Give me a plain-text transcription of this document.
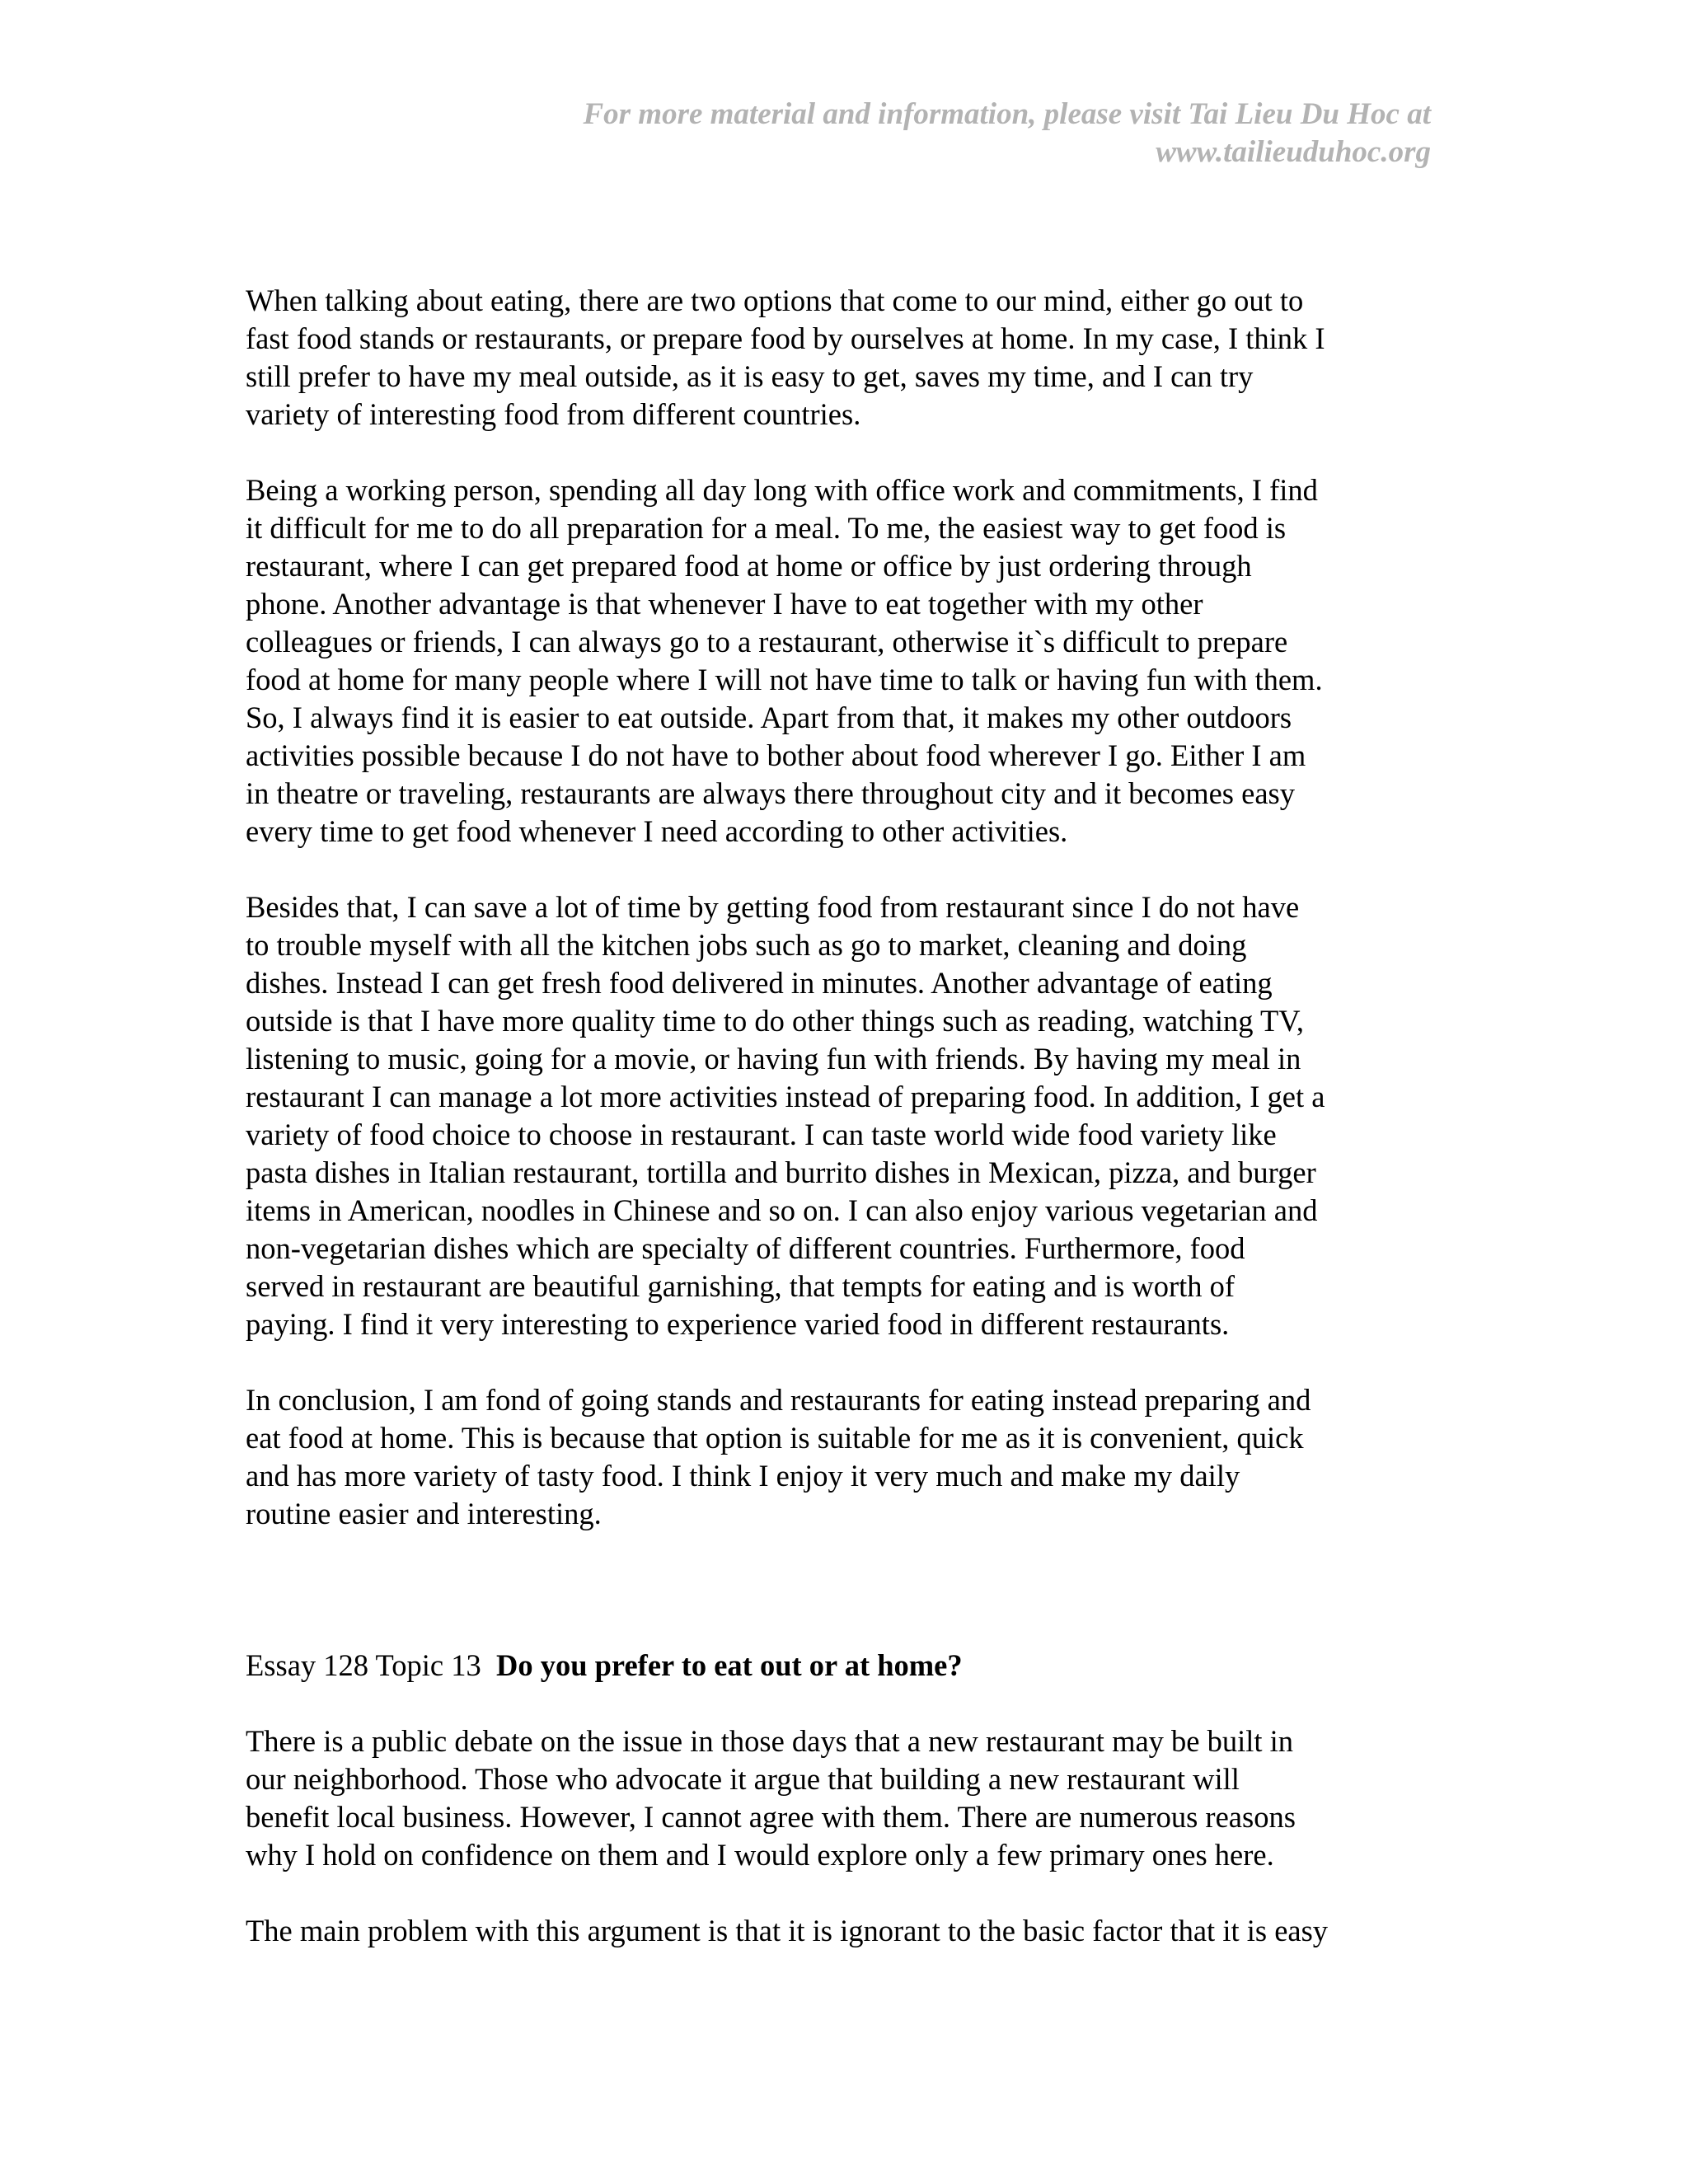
For more material and information, please visit Tai Lieu Du Hoc at
www.tailieuduhoc.org
When talking about eating, there are two options that come to our mind, either go out to
fast food stands or restaurants, or prepare food by ourselves at home. In my case, I think I
still prefer to have my meal outside, as it is easy to get, saves my time, and I can try
variety of interesting food from different countries.
Being a working person, spending all day long with office work and commitments, I find
it difficult for me to do all preparation for a meal. To me, the easiest way to get food is
restaurant, where I can get prepared food at home or office by just ordering through
phone. Another advantage is that whenever I have to eat together with my other
colleagues or friends, I can always go to a restaurant, otherwise it`s difficult to prepare
food at home for many people where I will not have time to talk or having fun with them.
So, I always find it is easier to eat outside. Apart from that, it makes my other outdoors
activities possible because I do not have to bother about food wherever I go. Either I am
in theatre or traveling, restaurants are always there throughout city and it becomes easy
every time to get food whenever I need according to other activities.
Besides that, I can save a lot of time by getting food from restaurant since I do not have
to trouble myself with all the kitchen jobs such as go to market, cleaning and doing
dishes. Instead I can get fresh food delivered in minutes. Another advantage of eating
outside is that I have more quality time to do other things such as reading, watching TV,
listening to music, going for a movie, or having fun with friends. By having my meal in
restaurant I can manage a lot more activities instead of preparing food. In addition, I get a
variety of food choice to choose in restaurant. I can taste world wide food variety like
pasta dishes in Italian restaurant, tortilla and burrito dishes in Mexican, pizza, and burger
items in American, noodles in Chinese and so on. I can also enjoy various vegetarian and
non-vegetarian dishes which are specialty of different countries. Furthermore, food
served in restaurant are beautiful garnishing, that tempts for eating and is worth of
paying. I find it very interesting to experience varied food in different restaurants.
In conclusion, I am fond of going stands and restaurants for eating instead preparing and
eat food at home. This is because that option is suitable for me as it is convenient, quick
and has more variety of tasty food. I think I enjoy it very much and make my daily
routine easier and interesting.
Essay 128 Topic 13 Do you prefer to eat out or at home?
There is a public debate on the issue in those days that a new restaurant may be built in
our neighborhood. Those who advocate it argue that building a new restaurant will
benefit local business. However, I cannot agree with them. There are numerous reasons
why I hold on confidence on them and I would explore only a few primary ones here.
The main problem with this argument is that it is ignorant to the basic factor that it is easy
